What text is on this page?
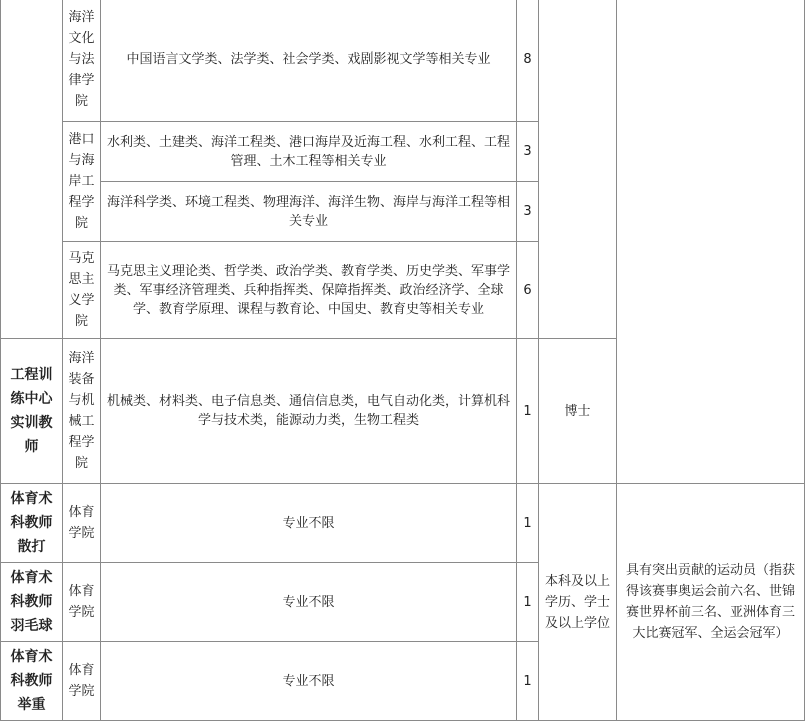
	海洋文化与法律学院	中国语言文学类、法学类、社会学类、戏剧影视文学等相关专业	8		
	港口与海岸工程学院	水利类、土建类、海洋工程类、港口海岸及近海工程、水利工程、工程管理、土木工程等相关专业	3		
		海洋科学类、环境工程类、物理海洋、海洋生物、海岸与海洋工程等相关专业	3		
	马克思主义学院	马克思主义理论类、哲学类、政治学类、教育学类、历史学类、军事学类、军事经济管理类、兵种指挥类、保障指挥类、政治经济学、全球学、教育学原理、课程与教育论、中国史、教育史等相关专业	6		
工程训练中心实训教师	海洋装备与机械工程学院	机械类、材料类、电子信息类、通信信息类，电气自动化类，计算机科学与技术类，能源动力类，生物工程类	1	博士	
体育术科教师散打	体育学院	专业不限	1	本科及以上学历、学士及以上学位	具有突出贡献的运动员（指获得该赛事奥运会前六名、世锦赛世界杯前三名、亚洲体育三大比赛冠军、全运会冠军）
体育术科教师羽毛球	体育学院	专业不限	1		
体育术科教师举重	体育学院	专业不限	1		
